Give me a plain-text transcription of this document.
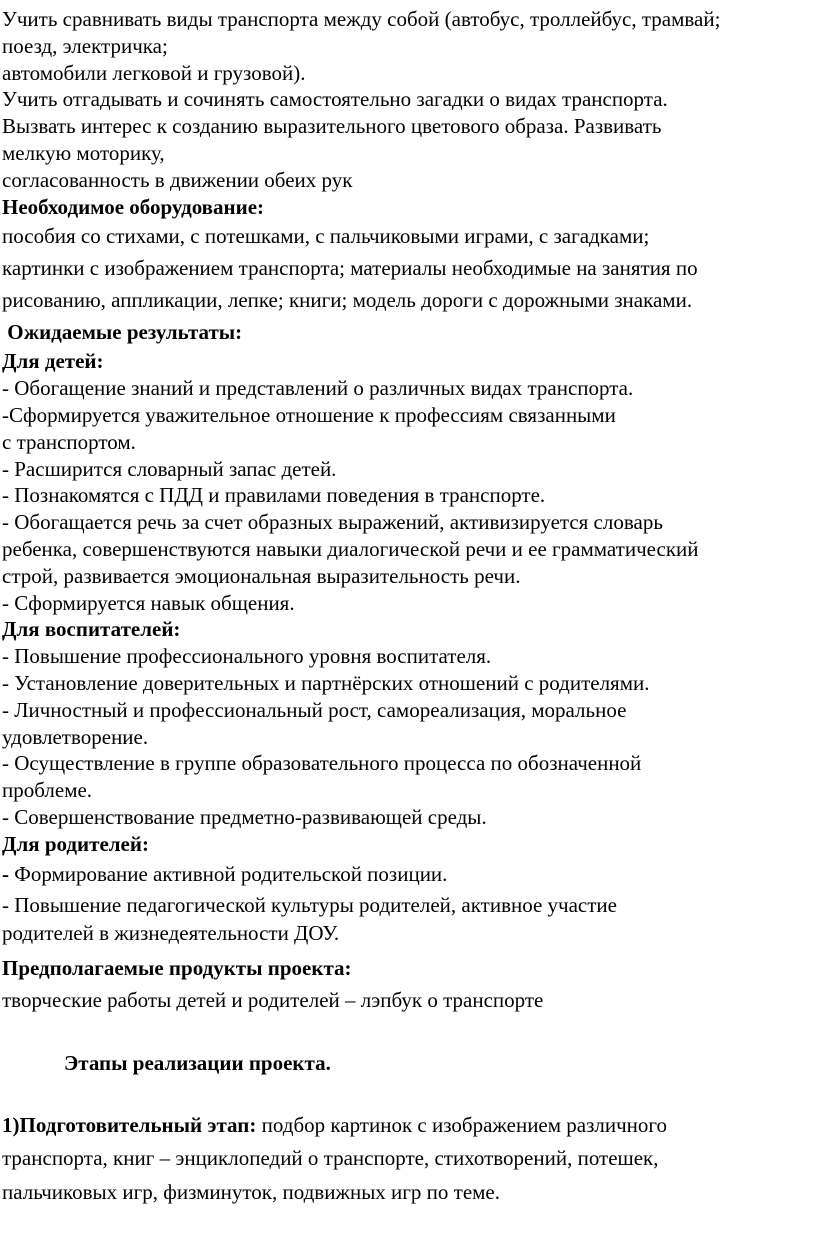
Учить сравнивать виды транспорта между собой (автобус, троллейбус, трамвай;
поезд, электричка;
автомобили легковой и грузовой).
Учить отгадывать и сочинять самостоятельно загадки о видах транспорта.
Вызвать интерес к созданию выразительного цветового образа. Развивать
мелкую моторику,
согласованность в движении обеих рук
Необходимое оборудование:
пособия со стихами, с потешками, с пальчиковыми играми, с загадками;
картинки с изображением транспорта; материалы необходимые на занятия по
рисованию, аппликации, лепке; книги; модель дороги с дорожными знаками.
Ожидаемые результаты:
Для детей:
- Обогащение знаний и представлений о различных видах транспорта.
-Сформируется уважительное отношение к профессиям связанными
с транспортом.
- Расширится словарный запас детей.
- Познакомятся с ПДД и правилами поведения в транспорте.
- Обогащается речь за счет образных выражений, активизируется словарь
ребенка, совершенствуются навыки диалогической речи и ее грамматический
строй, развивается эмоциональная выразительность речи.
- Сформируется навык общения.
Для воспитателей:
- Повышение профессионального уровня воспитателя.
- Установление доверительных и партнёрских отношений с родителями.
- Личностный и профессиональный рост, самореализация, моральное
удовлетворение.
- Осуществление в группе образовательного процесса по обозначенной
проблеме.
- Совершенствование предметно-развивающей среды.
Для родителей:
- Формирование активной родительской позиции.
- Повышение педагогической культуры родителей, активное участие
родителей в жизнедеятельности ДОУ.
Предполагаемые продукты проекта:
творческие работы детей и родителей – лэпбук о транспорте
Этапы реализации проекта.
1)Подготовительный этап: подбор картинок с изображением различного
транспорта, книг – энциклопедий о транспорте, стихотворений, потешек,
пальчиковых игр, физминуток, подвижных игр по теме.
